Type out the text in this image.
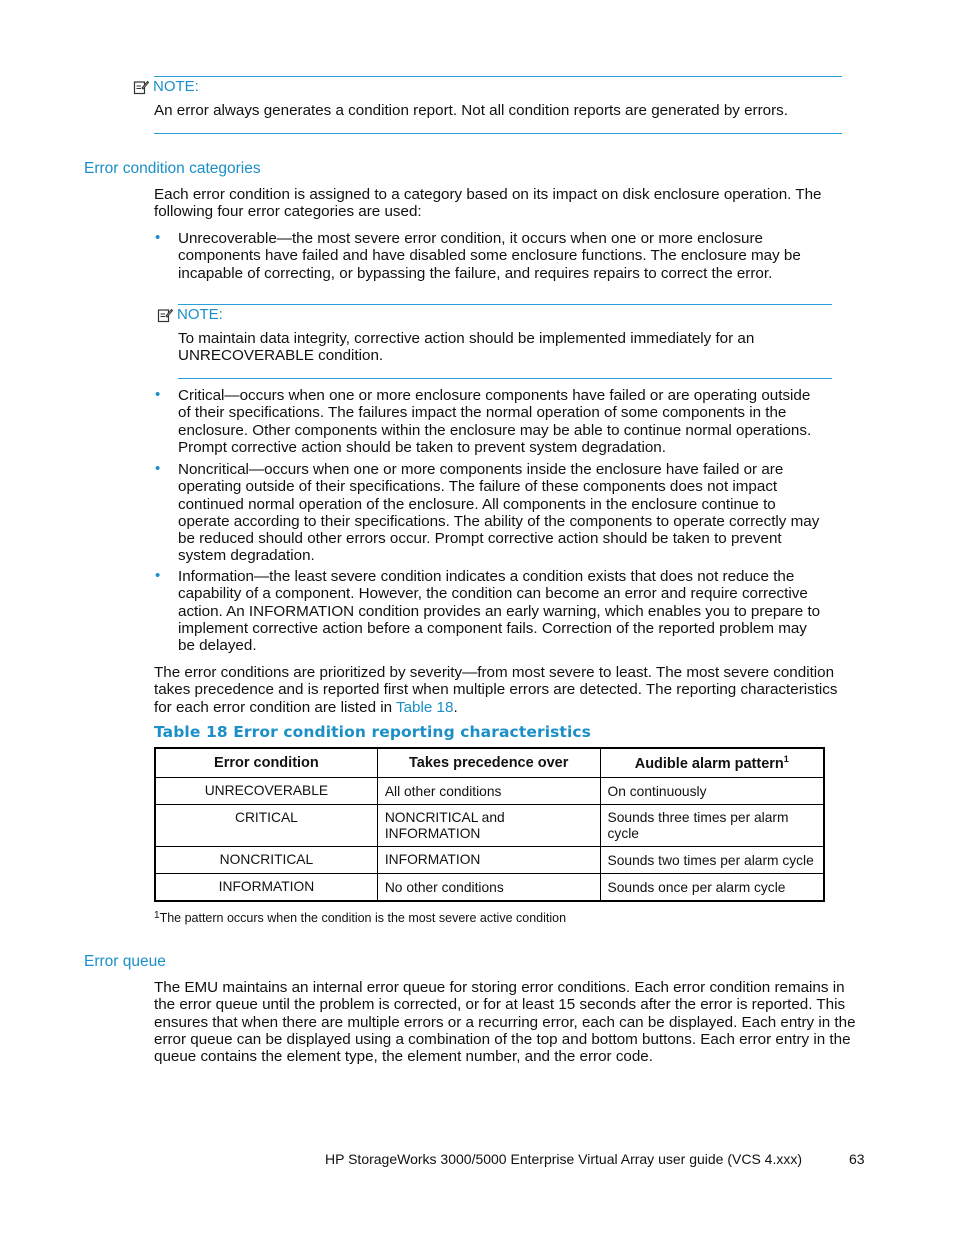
NOTE:
An error always generates a condition report. Not all condition reports are generated by errors.
Error condition categories
Each error condition is assigned to a category based on its impact on disk enclosure operation. The following four error categories are used:
• Unrecoverable—the most severe error condition, it occurs when one or more enclosure components have failed and have disabled some enclosure functions. The enclosure may be incapable of correcting, or bypassing the failure, and requires repairs to correct the error.
NOTE:
To maintain data integrity, corrective action should be implemented immediately for an UNRECOVERABLE condition.
• Critical—occurs when one or more enclosure components have failed or are operating outside of their specifications. The failures impact the normal operation of some components in the enclosure. Other components within the enclosure may be able to continue normal operations. Prompt corrective action should be taken to prevent system degradation.
• Noncritical—occurs when one or more components inside the enclosure have failed or are operating outside of their specifications. The failure of these components does not impact continued normal operation of the enclosure. All components in the enclosure continue to operate according to their specifications. The ability of the components to operate correctly may be reduced should other errors occur. Prompt corrective action should be taken to prevent system degradation.
• Information—the least severe condition indicates a condition exists that does not reduce the capability of a component. However, the condition can become an error and require corrective action. An INFORMATION condition provides an early warning, which enables you to prepare to implement corrective action before a component fails. Correction of the reported problem may be delayed.
The error conditions are prioritized by severity—from most severe to least. The most severe condition takes precedence and is reported first when multiple errors are detected. The reporting characteristics for each error condition are listed in Table 18.
Table 18 Error condition reporting characteristics
Error condition	Takes precedence over	Audible alarm pattern$^1$
UNRECOVERABLE	All other conditions	On continuously
CRITICAL	NONCRITICAL and INFORMATION	Sounds three times per alarm cycle
NONCRITICAL	INFORMATION	Sounds two times per alarm cycle
INFORMATION	No other conditions	Sounds once per alarm cycle
$^1$The pattern occurs when the condition is the most severe active condition
Error queue
The EMU maintains an internal error queue for storing error conditions. Each error condition remains in the error queue until the problem is corrected, or for at least 15 seconds after the error is reported. This ensures that when there are multiple errors or a recurring error, each can be displayed. Each entry in the error queue can be displayed using a combination of the top and bottom buttons. Each error entry in the queue contains the element type, the element number, and the error code.
HP StorageWorks 3000/5000 Enterprise Virtual Array user guide (VCS 4.xxx)	63
